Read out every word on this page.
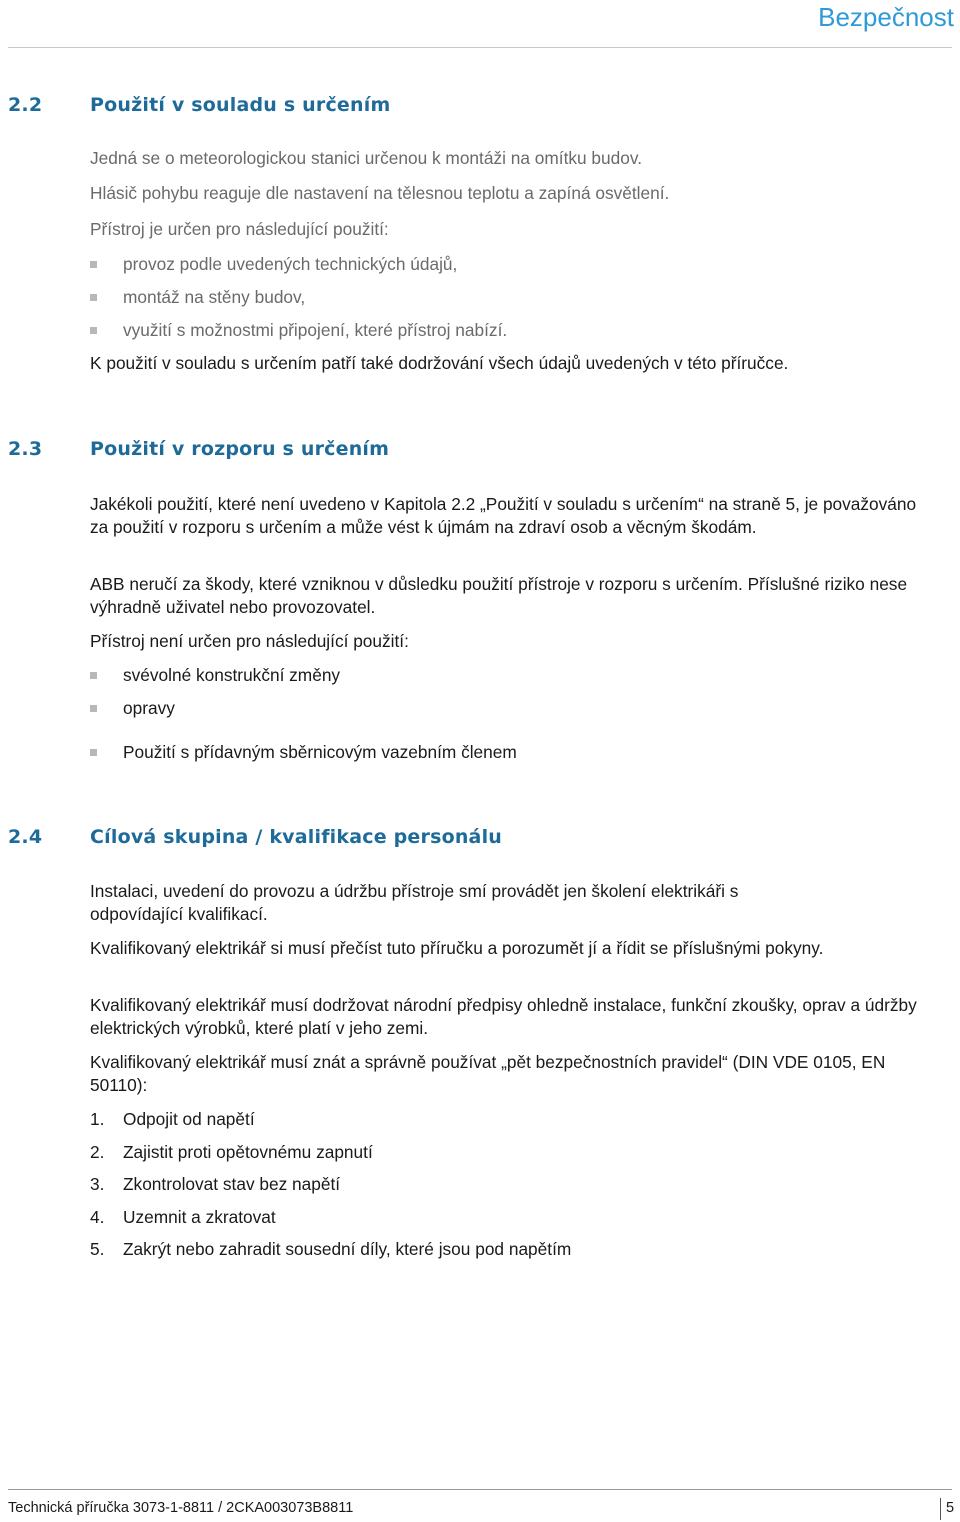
Bezpečnost
2.2	Použití v souladu s určením
Jedná se o meteorologickou stanici určenou k montáži na omítku budov.
Hlásič pohybu reaguje dle nastavení na tělesnou teplotu a zapíná osvětlení.
Přístroj je určen pro následující použití:
provoz podle uvedených technických údajů,
montáž na stěny budov,
využití s možnostmi připojení, které přístroj nabízí.
K použití v souladu s určením patří také dodržování všech údajů uvedených v této příručce.
2.3	Použití v rozporu s určením
Jakékoli použití, které není uvedeno v Kapitola 2.2 „Použití v souladu s určením“ na straně 5, je považováno za použití v rozporu s určením a může vést k újmám na zdraví osob a věcným škodám.
ABB neručí za škody, které vzniknou v důsledku použití přístroje v rozporu s určením. Příslušné riziko nese výhradně uživatel nebo provozovatel.
Přístroj není určen pro následující použití:
svévolné konstrukční změny
opravy
Použití s přídavným sběrnicovým vazebním členem
2.4	Cílová skupina / kvalifikace personálu
Instalaci, uvedení do provozu a údržbu přístroje smí provádět jen školení elektrikáři s odpovídající kvalifikací.
Kvalifikovaný elektrikář si musí přečíst tuto příručku a porozumět jí a řídit se příslušnými pokyny.
Kvalifikovaný elektrikář musí dodržovat národní předpisy ohledně instalace, funkční zkoušky, oprav a údržby elektrických výrobků, které platí v jeho zemi.
Kvalifikovaný elektrikář musí znát a správně používat „pět bezpečnostních pravidel“ (DIN VDE 0105, EN 50110):
1. Odpojit od napětí
2. Zajistit proti opětovnému zapnutí
3. Zkontrolovat stav bez napětí
4. Uzemnit a zkratovat
5. Zakrýt nebo zahradit sousední díly, které jsou pod napětím
Technická příručka 3073-1-8811 / 2CKA003073B8811	5
